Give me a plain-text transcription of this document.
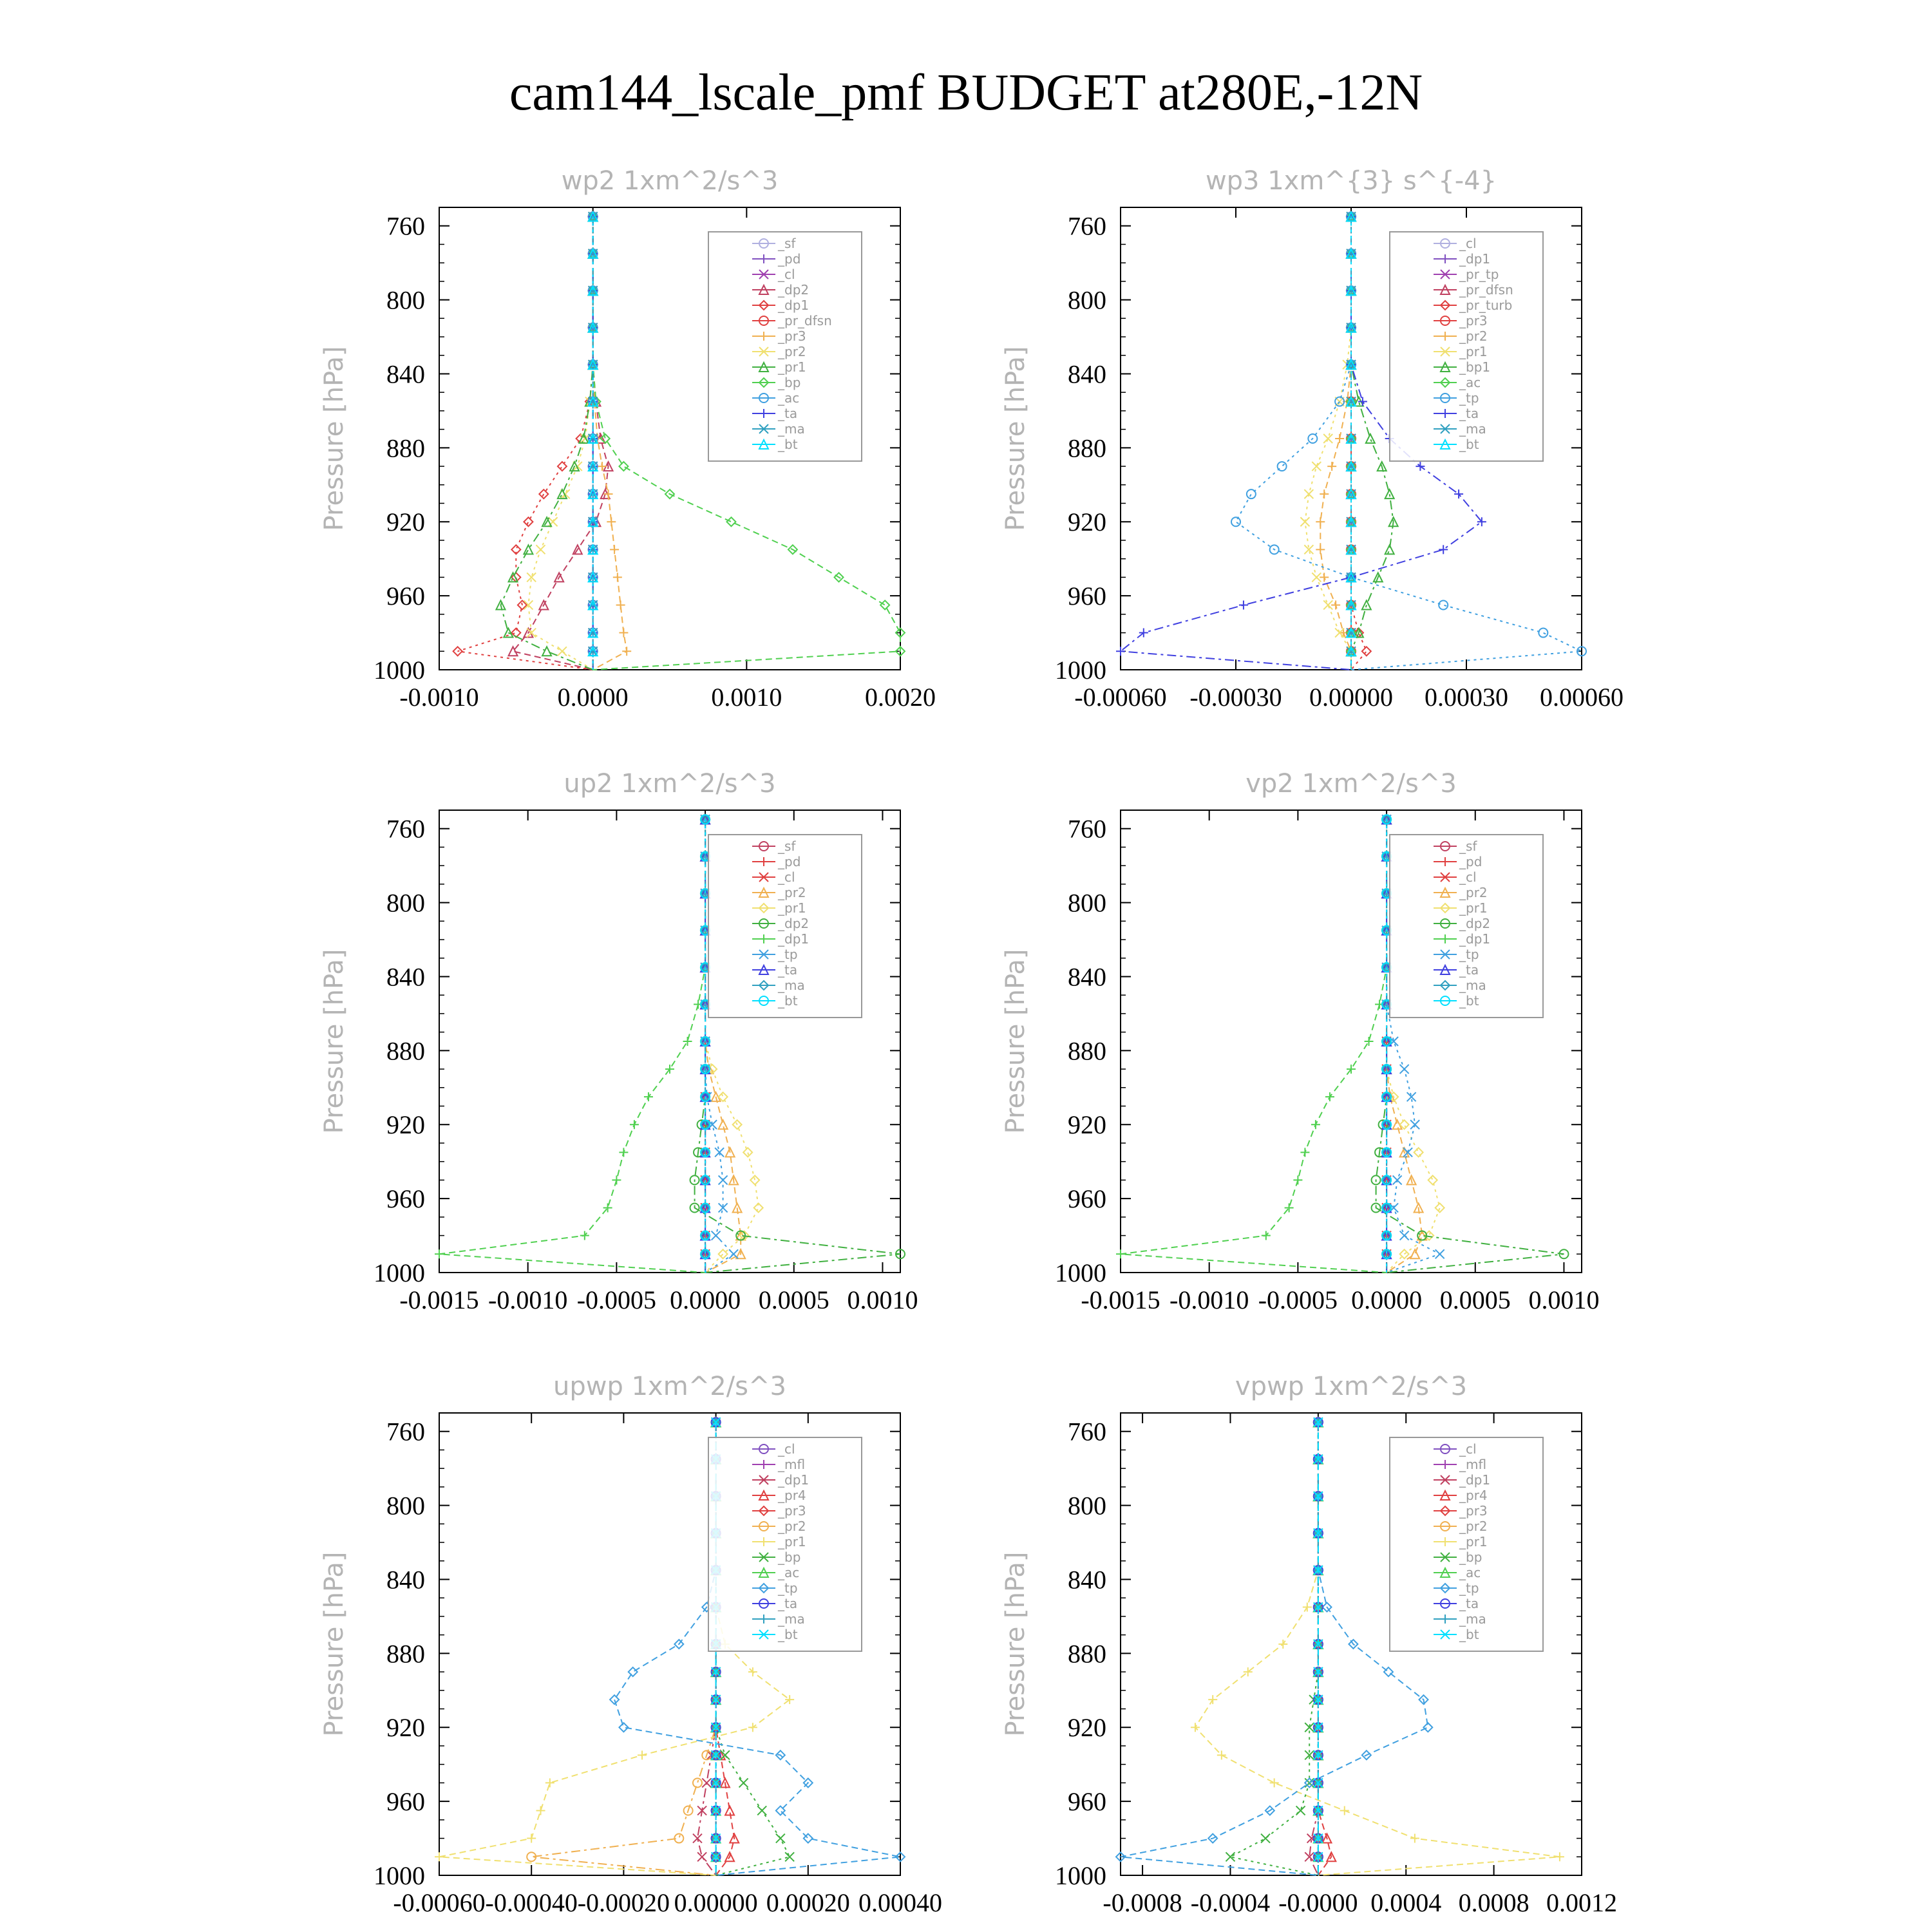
cam144_lscale_pmf BUDGET at280E,-12N
wp2 1xm^2/s^3
Pressure [hPa]
760
800
840
880
920
960
1000
-0.0010	0.0000	0.0010	0.0020
_sf
_pd
_cl
_dp2
_dp1
_pr_dfsn
_pr3
_pr2
_pr1
_bp
_ac
_ta
_ma
_bt
wp3 1xm^{3} s^{-4}
Pressure [hPa]
760
800
840
880
920
960
1000
-0.00060 -0.00030 0.00000 0.00030 0.00060
_cl
_dp1
_pr_tp
_pr_dfsn
_pr_turb
_pr3
_pr2
_pr1
_bp1
_ac
_tp
_ta
_ma
_bt
up2 1xm^2/s^3
Pressure [hPa]
760
800
840
880
920
960
1000
-0.0015 -0.0010 -0.0005 0.0000 0.0005 0.0010
_sf
_pd
_cl
_pr2
_pr1
_dp2
_dp1
_tp
_ta
_ma
_bt
vp2 1xm^2/s^3
Pressure [hPa]
760
800
840
880
920
960
1000
-0.0015 -0.0010 -0.0005 0.0000 0.0005 0.0010
_sf
_pd
_cl
_pr2
_pr1
_dp2
_dp1
_tp
_ta
_ma
_bt
upwp 1xm^2/s^3
Pressure [hPa]
760
800
840
880
920
960
1000
-0.00060 -0.00040 -0.00020 0.00000 0.00020 0.00040
_cl
_mfl
_dp1
_pr4
_pr3
_pr2
_pr1
_bp
_ac
_tp
_ta
_ma
_bt
vpwp 1xm^2/s^3
Pressure [hPa]
760
800
840
880
920
960
1000
-0.0008 -0.0004 -0.0000 0.0004 0.0008 0.0012
_cl
_mfl
_dp1
_pr4
_pr3
_pr2
_pr1
_bp
_ac
_tp
_ta
_ma
_bt
